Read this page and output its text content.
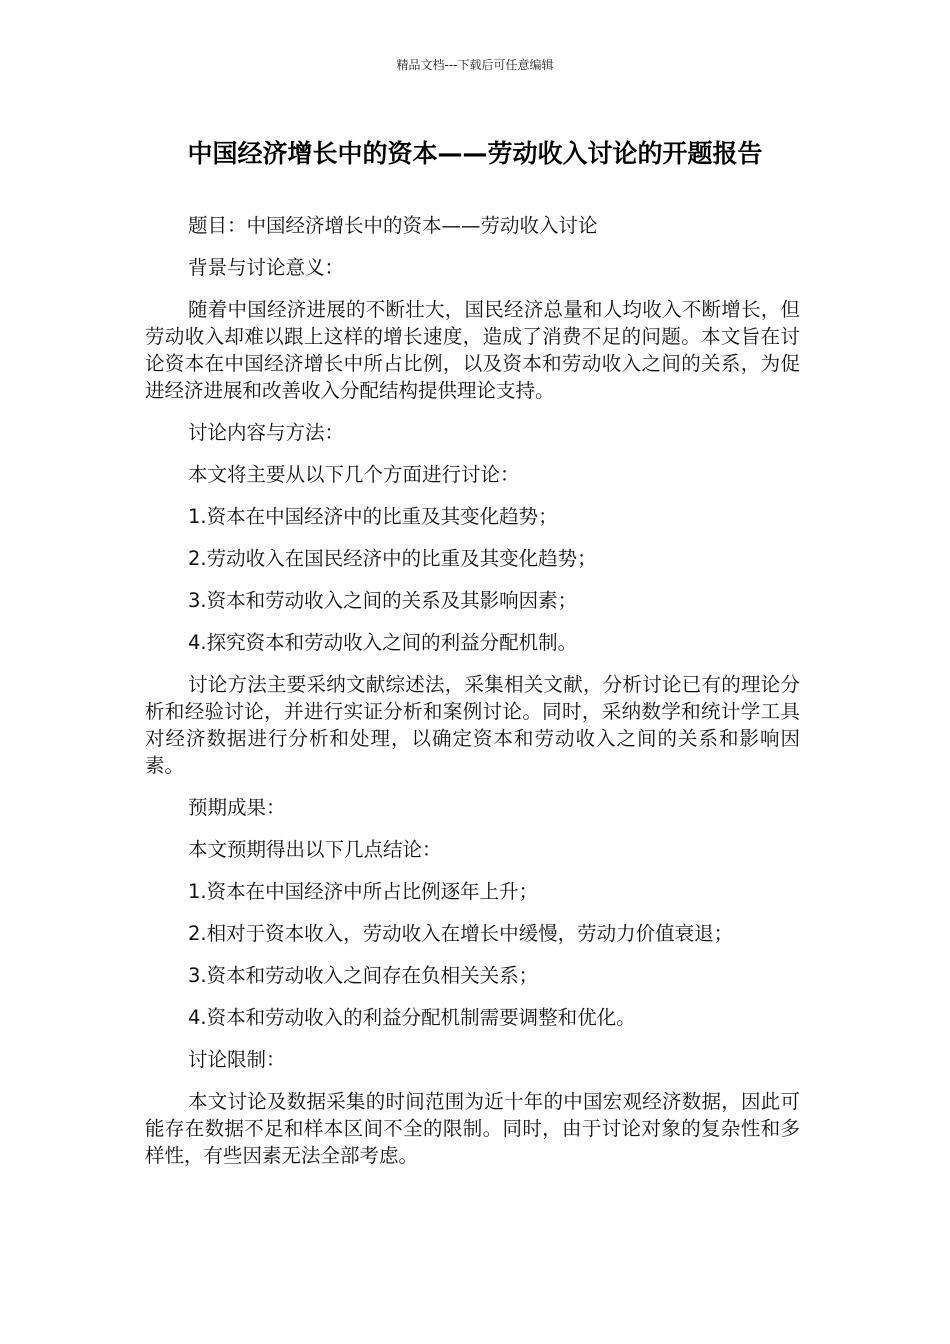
精品文档---下载后可任意编辑
中国经济增长中的资本——劳动收入讨论的开题报告

题目：中国经济增长中的资本——劳动收入讨论

背景与讨论意义：

随着中国经济进展的不断壮大，国民经济总量和人均收入不断增长，但劳动收入却难以跟上这样的增长速度，造成了消费不足的问题。本文旨在讨论资本在中国经济增长中所占比例，以及资本和劳动收入之间的关系，为促进经济进展和改善收入分配结构提供理论支持。

讨论内容与方法：

本文将主要从以下几个方面进行讨论：

1.资本在中国经济中的比重及其变化趋势；

2.劳动收入在国民经济中的比重及其变化趋势；

3.资本和劳动收入之间的关系及其影响因素；

4.探究资本和劳动收入之间的利益分配机制。

讨论方法主要采纳文献综述法，采集相关文献，分析讨论已有的理论分析和经验讨论，并进行实证分析和案例讨论。同时，采纳数学和统计学工具对经济数据进行分析和处理，以确定资本和劳动收入之间的关系和影响因素。

预期成果：

本文预期得出以下几点结论：

1.资本在中国经济中所占比例逐年上升；

2.相对于资本收入，劳动收入在增长中缓慢，劳动力价值衰退；

3.资本和劳动收入之间存在负相关关系；

4.资本和劳动收入的利益分配机制需要调整和优化。

讨论限制：

本文讨论及数据采集的时间范围为近十年的中国宏观经济数据，因此可能存在数据不足和样本区间不全的限制。同时，由于讨论对象的复杂性和多样性，有些因素无法全部考虑。
